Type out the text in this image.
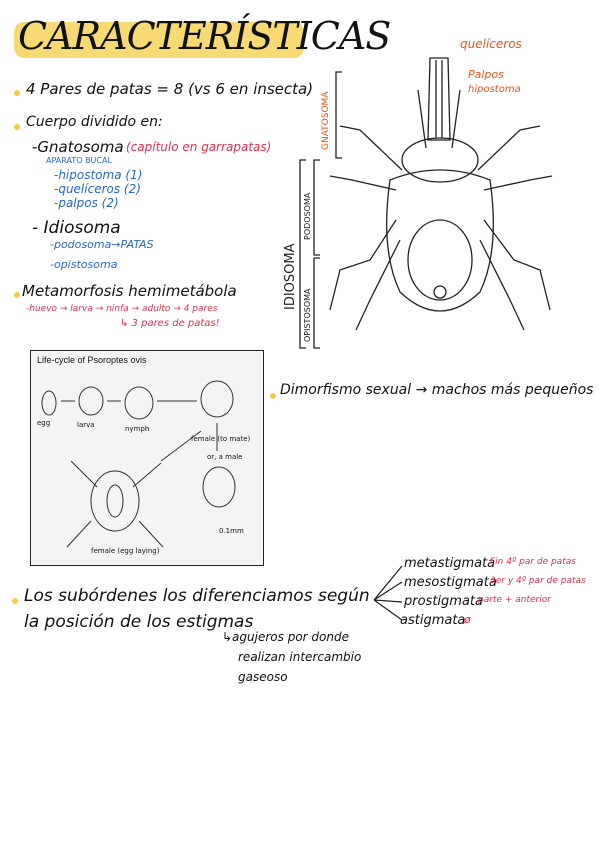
CARACTERÍSTICAS
4 Pares de patas = 8 (vs 6 en insecta)
Cuerpo dividido en:
-Gnatosoma (capítulo en garrapatas)
APARATO BUCAL
-hipostoma (1)
-quelíceros (2)
-palpos (2)
- Idiosoma
-podosoma→PATAS
-opistosoma
Metamorfosis hemimetábola
-huevo → larva → ninfa → adulto → 4 pares
↳ 3 pares de patas!
quelíceros
Palpos
hipostoma
GNATOSOMA
IDIOSOMA
PODOSOMA
OPISTOSOMA
Life-cycle of Psoroptes ovis
egg	larva	nymph
female (to mate)
or, a male
female (egg laying)
0.1mm
Dimorfismo sexual → machos más pequeños
Los subórdenes los diferenciamos según
la posición de los estigmas
↳agujeros por donde
realizan intercambio
gaseoso
metastigmata
Fin 4º par de patas
mesostigmata
3er y 4º par de patas
prostigmata
parte + anterior
astigmata
ø
